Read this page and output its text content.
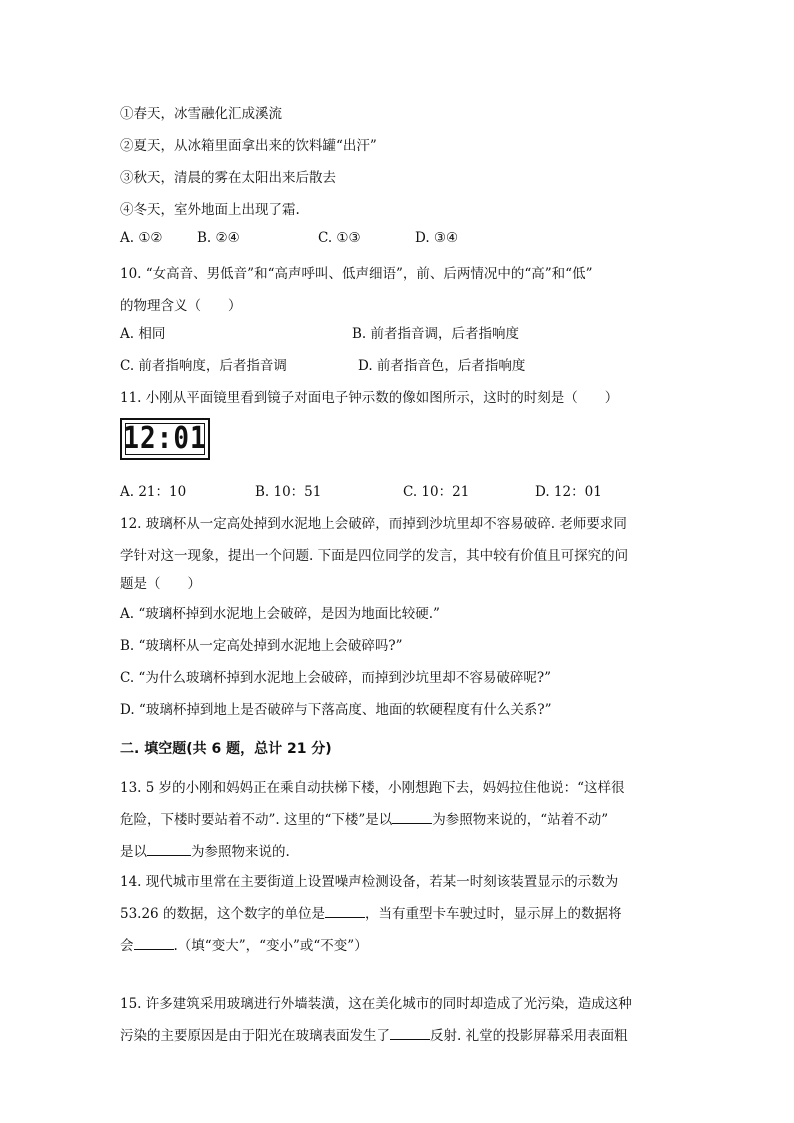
①春天，冰雪融化汇成溪流
②夏天，从冰箱里面拿出来的饮料罐“出汗”
③秋天，清晨的雾在太阳出来后散去
④冬天，室外地面上出现了霜.
A. ①②	B. ②④	C. ①③	D. ③④
10. “女高音、男低音”和“高声呼叫、低声细语”，前、后两情况中的“高”和“低”
的物理含义（　　）
A. 相同	B. 前者指音调，后者指响度
C. 前者指响度，后者指音调	D. 前者指音色，后者指响度
11. 小刚从平面镜里看到镜子对面电子钟示数的像如图所示，这时的时刻是（　　）
12:01
A. 21：10	B. 10：51	C. 10：21	D. 12：01
12. 玻璃杯从一定高处掉到水泥地上会破碎，而掉到沙坑里却不容易破碎. 老师要求同
学针对这一现象，提出一个问题. 下面是四位同学的发言，其中较有价值且可探究的问
题是（　　）
A. “玻璃杯掉到水泥地上会破碎，是因为地面比较硬.”
B. “玻璃杯从一定高处掉到水泥地上会破碎吗?”
C. “为什么玻璃杯掉到水泥地上会破碎，而掉到沙坑里却不容易破碎呢?”
D. “玻璃杯掉到地上是否破碎与下落高度、地面的软硬程度有什么关系?”
二. 填空题(共 6 题，总计 21 分)
13. 5 岁的小刚和妈妈正在乘自动扶梯下楼，小刚想跑下去，妈妈拉住他说：“这样很
危险，下楼时要站着不动”. 这里的“下楼”是以	为参照物来说的，“站着不动”
是以	为参照物来说的.
14. 现代城市里常在主要街道上设置噪声检测设备，若某一时刻该装置显示的示数为
53.26 的数据，这个数字的单位是	，当有重型卡车驶过时，显示屏上的数据将
会	.（填“变大”，“变小”或“不变”）
15. 许多建筑采用玻璃进行外墙装潢，这在美化城市的同时却造成了光污染，造成这种
污染的主要原因是由于阳光在玻璃表面发生了	反射. 礼堂的投影屏幕采用表面粗
